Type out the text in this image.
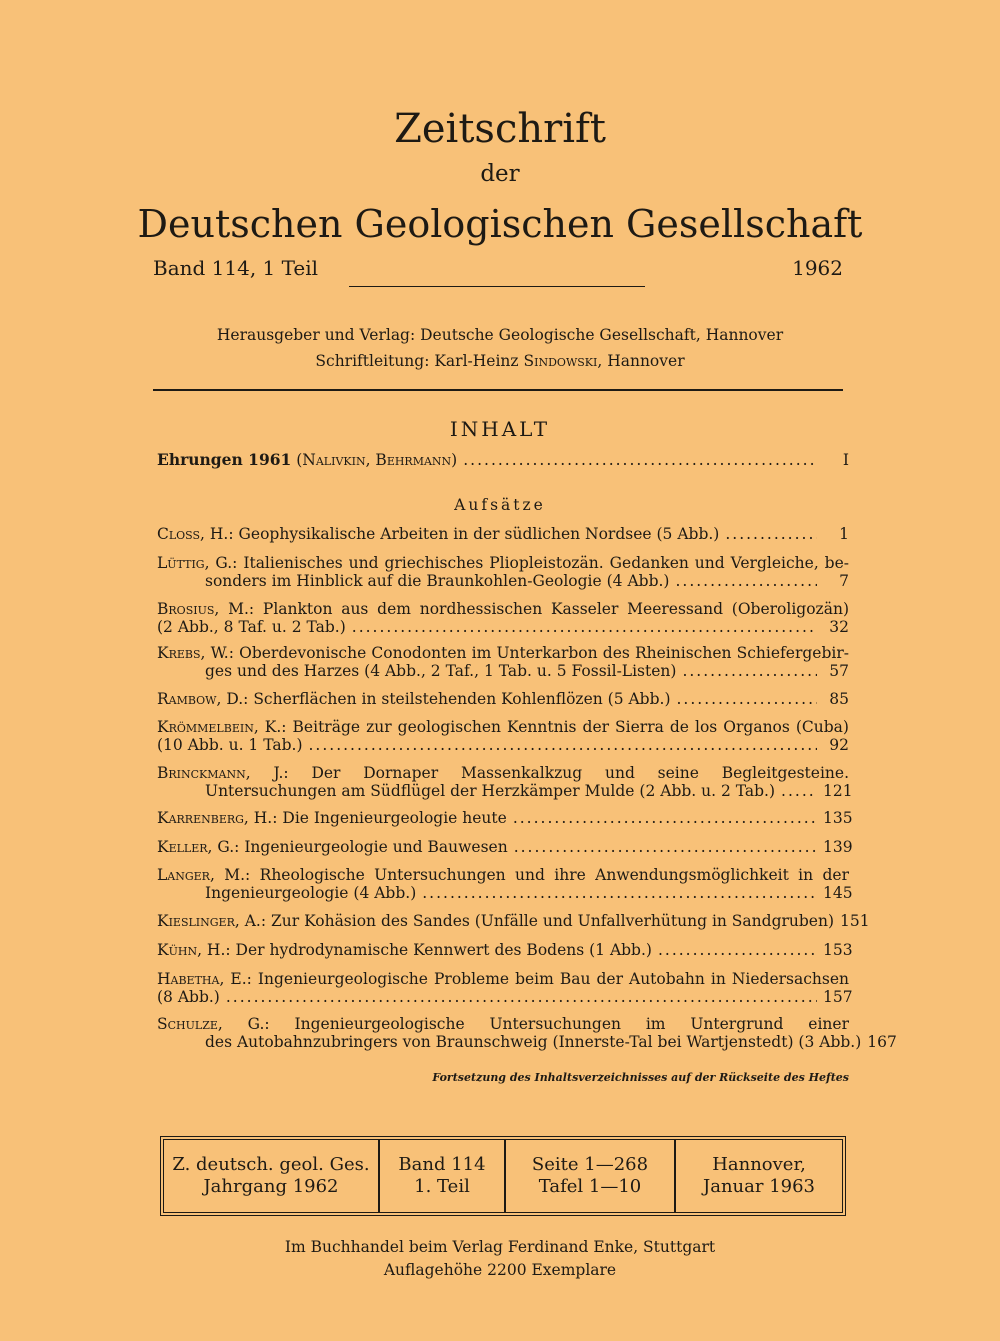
Zeitschrift
der
Deutschen Geologischen Gesellschaft
Band 114, 1 Teil	1962
Herausgeber und Verlag: Deutsche Geologische Gesellschaft, Hannover
Schriftleitung: Karl-Heinz Sindowski, Hannover
INHALT
Ehrungen 1961 (Nalivkin, Behrmann) .....	I
Aufsätze
Closs, H.: Geophysikalische Arbeiten in der südlichen Nordsee (5 Abb.) .....	1
Lüttig, G.: Italienisches und griechisches Pliopleistozän. Gedanken und Vergleiche, be-
sonders im Hinblick auf die Braunkohlen-Geologie (4 Abb.) .....	7
Brosius, M.: Plankton aus dem nordhessischen Kasseler Meeressand (Oberoligozän)
(2 Abb., 8 Taf. u. 2 Tab.) .....	32
Krebs, W.: Oberdevonische Conodonten im Unterkarbon des Rheinischen Schiefergebir-
ges und des Harzes (4 Abb., 2 Taf., 1 Tab. u. 5 Fossil-Listen) .....	57
Rambow, D.: Scherflächen in steilstehenden Kohlenflözen (5 Abb.) .....	85
Krömmelbein, K.: Beiträge zur geologischen Kenntnis der Sierra de los Organos (Cuba)
(10 Abb. u. 1 Tab.) .....	92
Brinckmann, J.: Der Dornaper Massenkalkzug und seine Begleitgesteine.
Untersuchungen am Südflügel der Herzkämper Mulde (2 Abb. u. 2 Tab.) .....	121
Karrenberg, H.: Die Ingenieurgeologie heute .....	135
Keller, G.: Ingenieurgeologie und Bauwesen .....	139
Langer, M.: Rheologische Untersuchungen und ihre Anwendungsmöglichkeit in der
Ingenieurgeologie (4 Abb.) .....	145
Kieslinger, A.: Zur Kohäsion des Sandes (Unfälle und Unfallverhütung in Sandgruben) 151
Kühn, H.: Der hydrodynamische Kennwert des Bodens (1 Abb.) .....	153
Habetha, E.: Ingenieurgeologische Probleme beim Bau der Autobahn in Niedersachsen
(8 Abb.) .....	157
Schulze, G.: Ingenieurgeologische Untersuchungen im Untergrund einer
des Autobahnzubringers von Braunschweig (Innerste-Tal bei Wartjenstedt) (3 Abb.) 167
Fortsetzung des Inhaltsverzeichnisses auf der Rückseite des Heftes
Z. deutsch. geol. Ges.
Jahrgang 1962
Band 114
1. Teil
Seite 1—268
Tafel 1—10
Hannover,
Januar 1963
Im Buchhandel beim Verlag Ferdinand Enke, Stuttgart
Auflagehöhe 2200 Exemplare
